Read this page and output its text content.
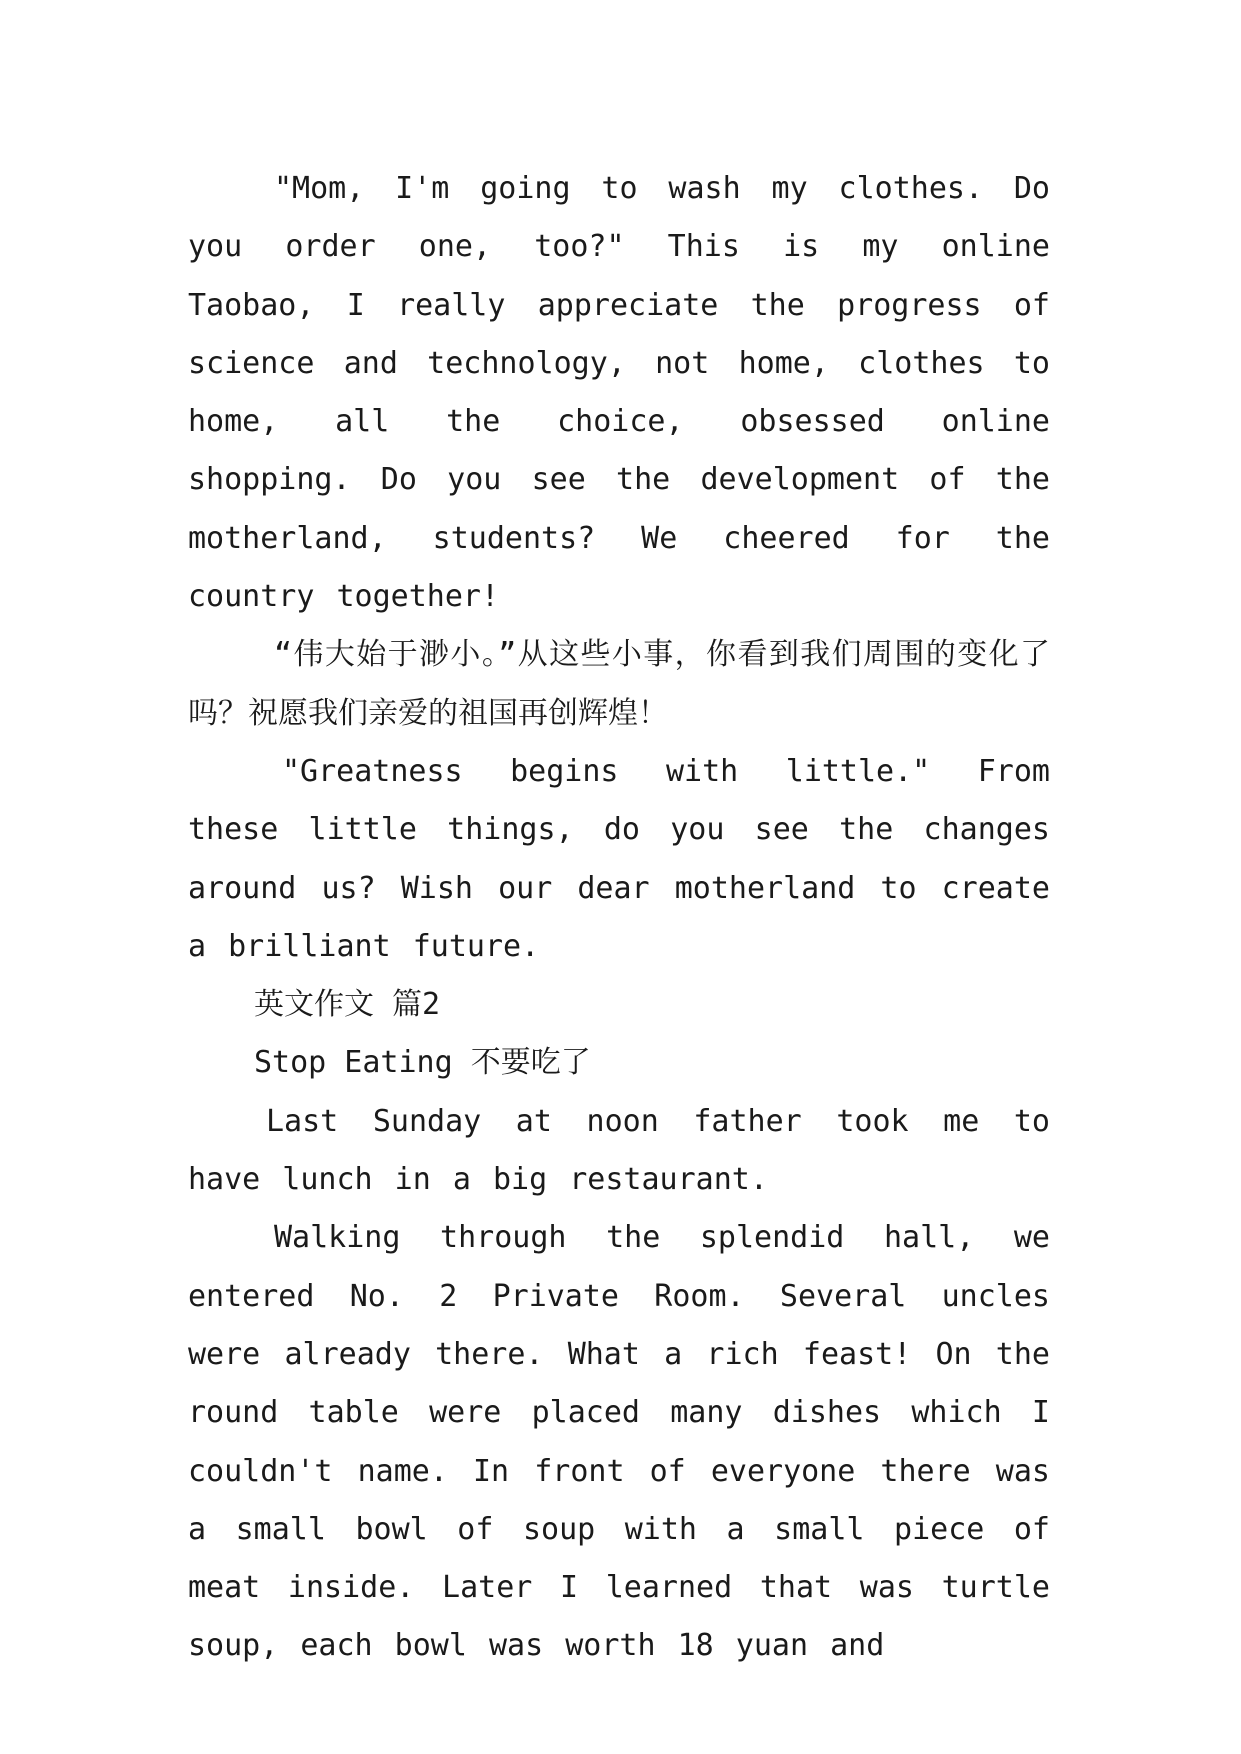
"Mom, I'm going to wash my clothes. Do you order one, too?" This is my online Taobao, I really appreciate the progress of science and technology, not home, clothes to home, all the choice, obsessed online shopping. Do you see the development of the motherland, students? We cheered for the country together!

“伟大始于渺小。”从这些小事，你看到我们周围的变化了吗？祝愿我们亲爱的祖国再创辉煌！

"Greatness begins with little." From these little things, do you see the changes around us? Wish our dear motherland to create a brilliant future.

英文作文 篇2

Stop Eating 不要吃了

Last Sunday at noon father took me to have lunch in a big restaurant.

Walking through the splendid hall, we entered No. 2 Private Room. Several uncles were already there. What a rich feast! On the round table were placed many dishes which I couldn't name. In front of everyone there was a small bowl of soup with a small piece of meat inside. Later I learned that was turtle soup, each bowl was worth 18 yuan and
